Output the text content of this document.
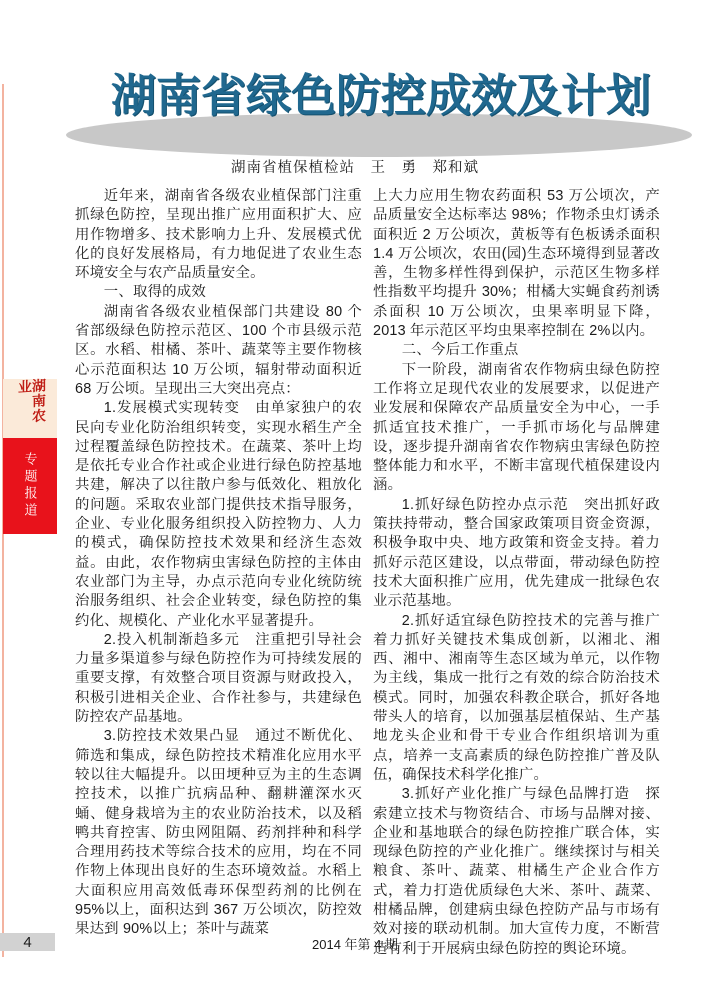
湖南省绿色防控成效及计划
湖南省植保植检站　王　勇　郑和斌

近年来，湖南省各级农业植保部门注重抓绿色防控，呈现出推广应用面积扩大、应用作物增多、技术影响力上升、发展模式优化的良好发展格局，有力地促进了农业生态环境安全与农产品质量安全。

一、取得的成效

湖南省各级农业植保部门共建设 80 个省部级绿色防控示范区、100 个市县级示范区。水稻、柑橘、茶叶、蔬菜等主要作物核心示范面积达 10 万公顷，辐射带动面积近 68 万公顷。呈现出三大突出亮点：

1.发展模式实现转变　由单家独户的农民向专业化防治组织转变，实现水稻生产全过程覆盖绿色防控技术。在蔬菜、茶叶上均是依托专业合作社或企业进行绿色防控基地共建，解决了以往散户参与低效化、粗放化的问题。采取农业部门提供技术指导服务，企业、专业化服务组织投入防控物力、人力的模式，确保防控技术效果和经济生态效益。由此，农作物病虫害绿色防控的主体由农业部门为主导，办点示范向专业化统防统治服务组织、社会企业转变，绿色防控的集约化、规模化、产业化水平显著提升。

2.投入机制渐趋多元　注重把引导社会力量多渠道参与绿色防控作为可持续发展的重要支撑，有效整合项目资源与财政投入，积极引进相关企业、合作社参与，共建绿色防控农产品基地。

3.防控技术效果凸显　通过不断优化、筛选和集成，绿色防控技术精准化应用水平较以往大幅提升。以田埂种豆为主的生态调控技术，以推广抗病品种、翻耕灌深水灭蛹、健身栽培为主的农业防治技术，以及稻鸭共育控害、防虫网阻隔、药剂拌种和科学合理用药技术等综合技术的应用，均在不同作物上体现出良好的生态环境效益。水稻上大面积应用高效低毒环保型药剂的比例在 95%以上，面积达到 367 万公顷次，防控效果达到 90%以上；茶叶与蔬菜

上大力应用生物农药面积 53 万公顷次，产品质量安全达标率达 98%；作物杀虫灯诱杀面积近 2 万公顷次，黄板等有色板诱杀面积 1.4 万公顷次，农田(园)生态环境得到显著改善，生物多样性得到保护，示范区生物多样性指数平均提升 30%；柑橘大实蝇食药剂诱杀面积 10 万公顷次，虫果率明显下降，2013 年示范区平均虫果率控制在 2%以内。

二、今后工作重点

下一阶段，湖南省农作物病虫绿色防控工作将立足现代农业的发展要求，以促进产业发展和保障农产品质量安全为中心，一手抓适宜技术推广，一手抓市场化与品牌建设，逐步提升湖南省农作物病虫害绿色防控整体能力和水平，不断丰富现代植保建设内涵。

1.抓好绿色防控办点示范　突出抓好政策扶持带动，整合国家政策项目资金资源，积极争取中央、地方政策和资金支持。着力抓好示范区建设，以点带面，带动绿色防控技术大面积推广应用，优先建成一批绿色农业示范基地。

2.抓好适宜绿色防控技术的完善与推广　着力抓好关键技术集成创新，以湘北、湘西、湘中、湘南等生态区域为单元，以作物为主线，集成一批行之有效的综合防治技术模式。同时，加强农科教企联合，抓好各地带头人的培育，以加强基层植保站、生产基地龙头企业和骨干专业合作组织培训为重点，培养一支高素质的绿色防控推广普及队伍，确保技术科学化推广。

3.抓好产业化推广与绿色品牌打造　探索建立技术与物资结合、市场与品牌对接、企业和基地联合的绿色防控推广联合体，实现绿色防控的产业化推广。继续探讨与相关粮食、茶叶、蔬菜、柑橘生产企业合作方式，着力打造优质绿色大米、茶叶、蔬菜、柑橘品牌，创建病虫绿色控防产品与市场有效对接的联动机制。加大宣传力度，不断营造有利于开展病虫绿色防控的舆论环境。

湖南农业
专题报道
4	2014 年第 4 期
